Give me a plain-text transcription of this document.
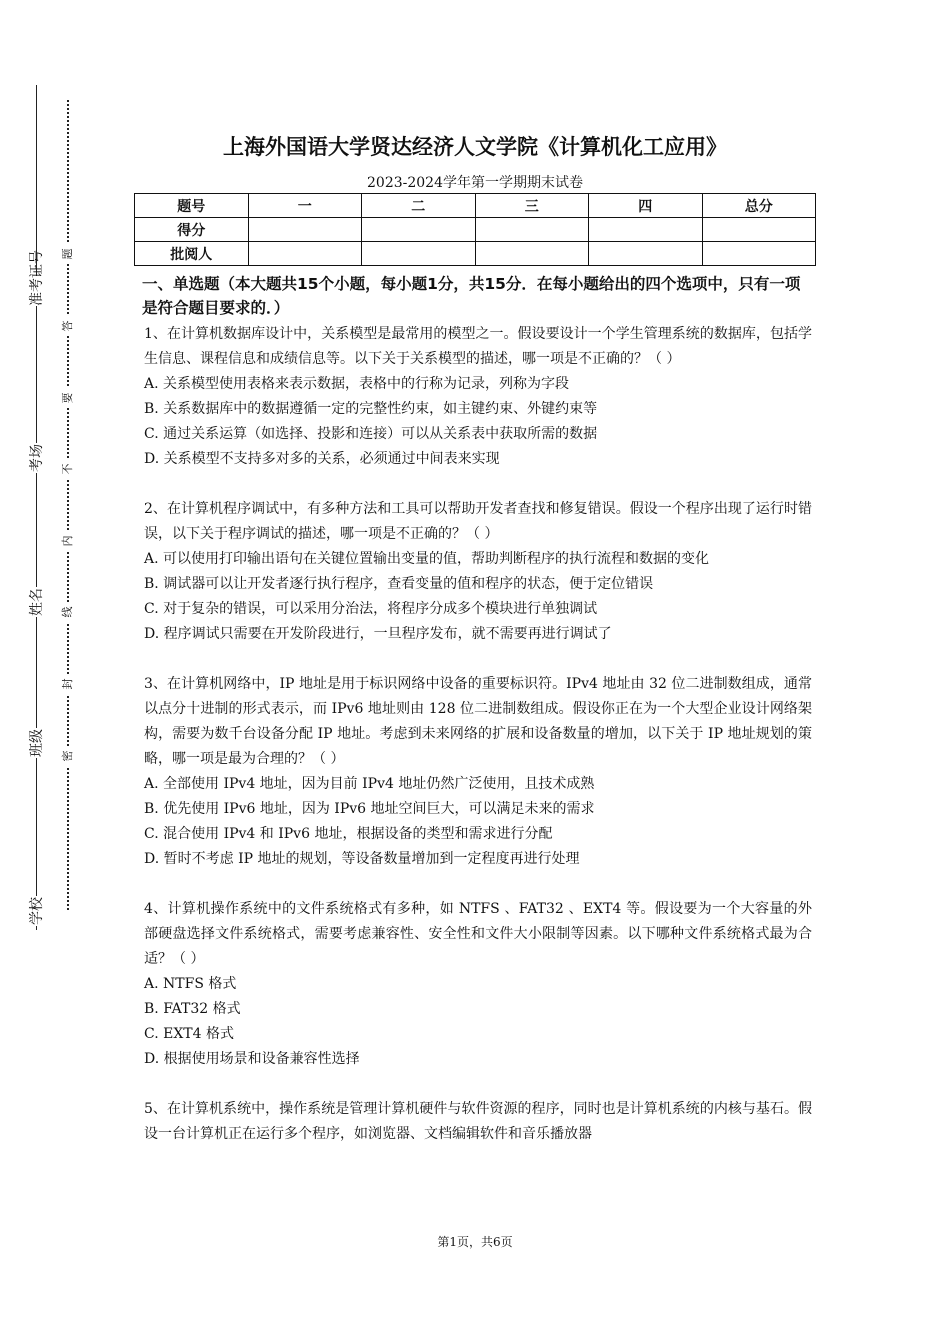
准考证号
考场
姓名
班级
学校
题
答
要
不
内
线
封
密
上海外国语大学贤达经济人文学院《计算机化工应用》
2023-2024学年第一学期期末试卷
题号	一	二	三	四	总分
得分					
批阅人					
一、单选题（本大题共15个小题，每小题1分，共15分．在每小题给出的四个选项中，只有一项是符合题目要求的．）
1、在计算机数据库设计中，关系模型是最常用的模型之一。假设要设计一个学生管理系统的数据库，包括学生信息、课程信息和成绩信息等。以下关于关系模型的描述，哪一项是不正确的？（ ）
A. 关系模型使用表格来表示数据，表格中的行称为记录，列称为字段
B. 关系数据库中的数据遵循一定的完整性约束，如主键约束、外键约束等
C. 通过关系运算（如选择、投影和连接）可以从关系表中获取所需的数据
D. 关系模型不支持多对多的关系，必须通过中间表来实现
2、在计算机程序调试中，有多种方法和工具可以帮助开发者查找和修复错误。假设一个程序出现了运行时错误，以下关于程序调试的描述，哪一项是不正确的？（ ）
A. 可以使用打印输出语句在关键位置输出变量的值，帮助判断程序的执行流程和数据的变化
B. 调试器可以让开发者逐行执行程序，查看变量的值和程序的状态，便于定位错误
C. 对于复杂的错误，可以采用分治法，将程序分成多个模块进行单独调试
D. 程序调试只需要在开发阶段进行，一旦程序发布，就不需要再进行调试了
3、在计算机网络中，IP 地址是用于标识网络中设备的重要标识符。IPv4 地址由 32 位二进制数组成，通常以点分十进制的形式表示，而 IPv6 地址则由 128 位二进制数组成。假设你正在为一个大型企业设计网络架构，需要为数千台设备分配 IP 地址。考虑到未来网络的扩展和设备数量的增加，以下关于 IP 地址规划的策略，哪一项是最为合理的？（ ）
A. 全部使用 IPv4 地址，因为目前 IPv4 地址仍然广泛使用，且技术成熟
B. 优先使用 IPv6 地址，因为 IPv6 地址空间巨大，可以满足未来的需求
C. 混合使用 IPv4 和 IPv6 地址，根据设备的类型和需求进行分配
D. 暂时不考虑 IP 地址的规划，等设备数量增加到一定程度再进行处理
4、计算机操作系统中的文件系统格式有多种，如 NTFS 、FAT32 、EXT4 等。假设要为一个大容量的外部硬盘选择文件系统格式，需要考虑兼容性、安全性和文件大小限制等因素。以下哪种文件系统格式最为合适？（ ）
A. NTFS 格式
B. FAT32 格式
C. EXT4 格式
D. 根据使用场景和设备兼容性选择
5、在计算机系统中，操作系统是管理计算机硬件与软件资源的程序，同时也是计算机系统的内核与基石。假设一台计算机正在运行多个程序，如浏览器、文档编辑软件和音乐播放器
第1页，共6页
